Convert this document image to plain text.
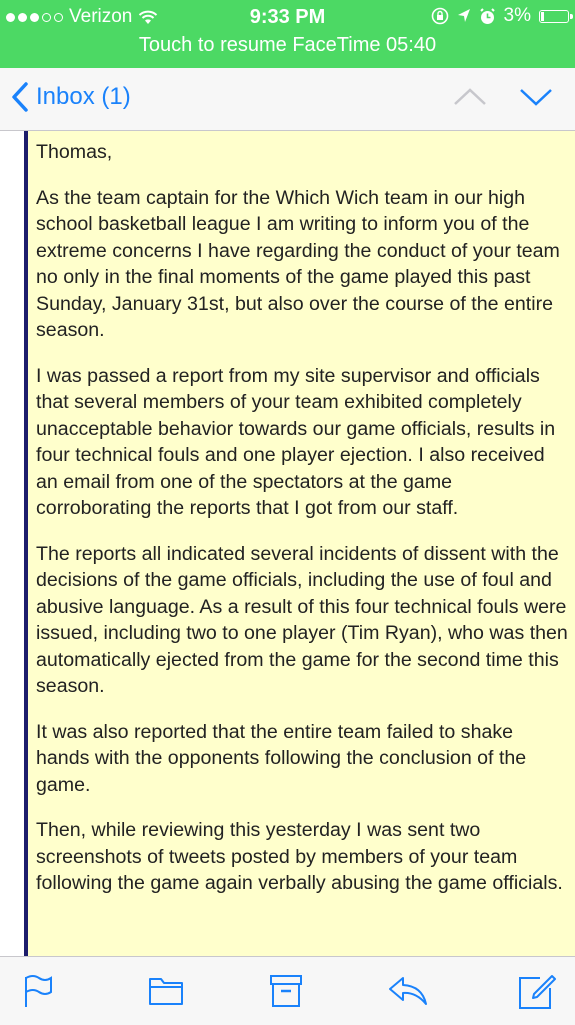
Verizon	9:33 PM	3%
Touch to resume FaceTime 05:40
Inbox (1)

Thomas,

As the team captain for the Which Wich team in our high school basketball league I am writing to inform you of the extreme concerns I have regarding the conduct of your team no only in the final moments of the game played this past Sunday, January 31st, but also over the course of the entire season.

I was passed a report from my site supervisor and officials that several members of your team exhibited completely unacceptable behavior towards our game officials, results in four technical fouls and one player ejection. I also received an email from one of the spectators at the game corroborating the reports that I got from our staff.

The reports all indicated several incidents of dissent with the decisions of the game officials, including the use of foul and abusive language. As a result of this four technical fouls were issued, including two to one player (Tim Ryan), who was then automatically ejected from the game for the second time this season.

It was also reported that the entire team failed to shake hands with the opponents following the conclusion of the game.

Then, while reviewing this yesterday I was sent two screenshots of tweets posted by members of your team following the game again verbally abusing the game officials.
